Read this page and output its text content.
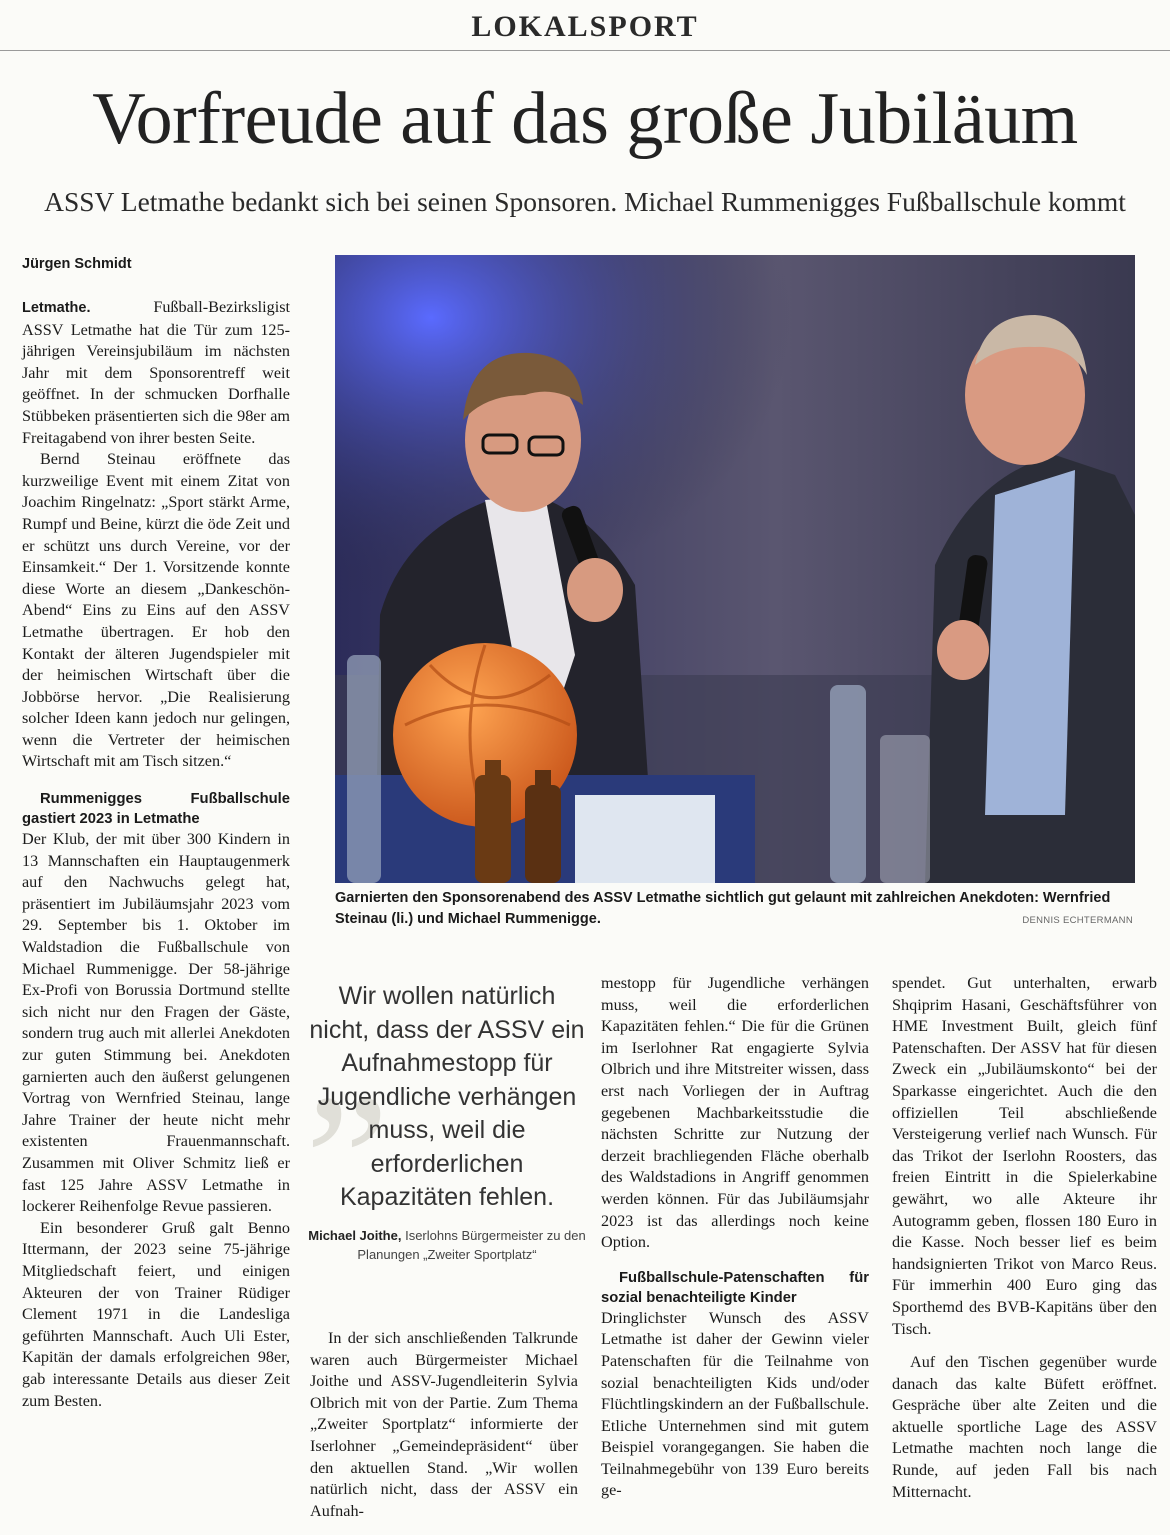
LOKALSPORT
Vorfreude auf das große Jubiläum
ASSV Letmathe bedankt sich bei seinen Sponsoren. Michael Rummenigges Fußballschule kommt
Jürgen Schmidt

Letmathe.	Fußball-Bezirksligist ASSV Letmathe hat die Tür zum 125-jährigen Vereinsjubiläum im nächsten Jahr mit dem Sponsorentreff weit geöffnet. In der schmucken Dorfhalle Stübbeken präsentierten sich die 98er am Freitagabend von ihrer besten Seite.

Bernd Steinau eröffnete das kurzweilige Event mit einem Zitat von Joachim Ringelnatz: „Sport stärkt Arme, Rumpf und Beine, kürzt die öde Zeit und er schützt uns durch Vereine, vor der Einsamkeit.“ Der 1. Vorsitzende konnte diese Worte an diesem „Dankeschön-Abend“ Eins zu Eins auf den ASSV Letmathe übertragen. Er hob den Kontakt der älteren Jugendspieler mit der heimischen Wirtschaft über die Jobbörse hervor. „Die Realisierung solcher Ideen kann jedoch nur gelingen, wenn die Vertreter der heimischen Wirtschaft mit am Tisch sitzen.“

Rummenigges Fußballschule gastiert 2023 in Letmathe

Der Klub, der mit über 300 Kindern in 13 Mannschaften ein Hauptaugenmerk auf den Nachwuchs gelegt hat, präsentiert im Jubiläumsjahr 2023 vom 29. September bis 1. Oktober im Waldstadion die Fußballschule von Michael Rummenigge. Der 58-jährige Ex-Profi von Borussia Dortmund stellte sich nicht nur den Fragen der Gäste, sondern trug auch mit allerlei Anekdoten zur guten Stimmung bei. Anekdoten garnierten auch den äußerst gelungenen Vortrag von Wernfried Steinau, lange Jahre Trainer der heute nicht mehr existenten Frauenmannschaft. Zusammen mit Oliver Schmitz ließ er fast 125 Jahre ASSV Letmathe in lockerer Reihenfolge Revue passieren.

Ein besonderer Gruß galt Benno Ittermann, der 2023 seine 75-jährige Mitgliedschaft feiert, und einigen Akteuren der von Trainer Rüdiger Clement 1971 in die Landesliga geführten Mannschaft. Auch Uli Ester, Kapitän der damals erfolgreichen 98er, gab interessante Details aus dieser Zeit zum Besten.

Garnierten den Sponsorenabend des ASSV Letmathe sichtlich gut gelaunt mit zahlreichen Anekdoten: Wernfried Steinau (li.) und Michael Rummenigge.	DENNIS ECHTERMANN
„
Wir wollen natürlich nicht, dass der ASSV ein Aufnahmestopp für Jugendliche verhängen muss, weil die erforderlichen Kapazitäten fehlen.
Michael Joithe, Iserlohns Bürgermeister zu den Planungen „Zweiter Sportplatz“

In der sich anschließenden Talkrunde waren auch Bürgermeister Michael Joithe und ASSV-Jugendleiterin Sylvia Olbrich mit von der Partie. Zum Thema „Zweiter Sportplatz“ informierte der Iserlohner „Gemeindepräsident“ über den aktuellen Stand. „Wir wollen natürlich nicht, dass der ASSV ein Aufnah-

mestopp für Jugendliche verhängen muss, weil die erforderlichen Kapazitäten fehlen.“ Die für die Grünen im Iserlohner Rat engagierte Sylvia Olbrich und ihre Mitstreiter wissen, dass erst nach Vorliegen der in Auftrag gegebenen Machbarkeitsstudie die nächsten Schritte zur Nutzung der derzeit brachliegenden Fläche oberhalb des Waldstadions in Angriff genommen werden können. Für das Jubiläumsjahr 2023 ist das allerdings noch keine Option.

Fußballschule-Patenschaften für sozial benachteiligte Kinder

Dringlichster Wunsch des ASSV Letmathe ist daher der Gewinn vieler Patenschaften für die Teilnahme von sozial benachteiligten Kids und/oder Flüchtlingskindern an der Fußballschule. Etliche Unternehmen sind mit gutem Beispiel vorangegangen. Sie haben die Teilnahmegebühr von 139 Euro bereits ge-

spendet. Gut unterhalten, erwarb Shqiprim Hasani, Geschäftsführer von HME Investment Built, gleich fünf Patenschaften. Der ASSV hat für diesen Zweck ein „Jubiläumskonto“ bei der Sparkasse eingerichtet. Auch die den offiziellen Teil abschließende Versteigerung verlief nach Wunsch. Für das Trikot der Iserlohn Roosters, das freien Eintritt in die Spielerkabine gewährt, wo alle Akteure ihr Autogramm geben, flossen 180 Euro in die Kasse. Noch besser lief es beim handsignierten Trikot von Marco Reus. Für immerhin 400 Euro ging das Sporthemd des BVB-Kapitäns über den Tisch.

Auf den Tischen gegenüber wurde danach das kalte Büfett eröffnet. Gespräche über alte Zeiten und die aktuelle sportliche Lage des ASSV Letmathe machten noch lange die Runde, auf jeden Fall bis nach Mitternacht.
